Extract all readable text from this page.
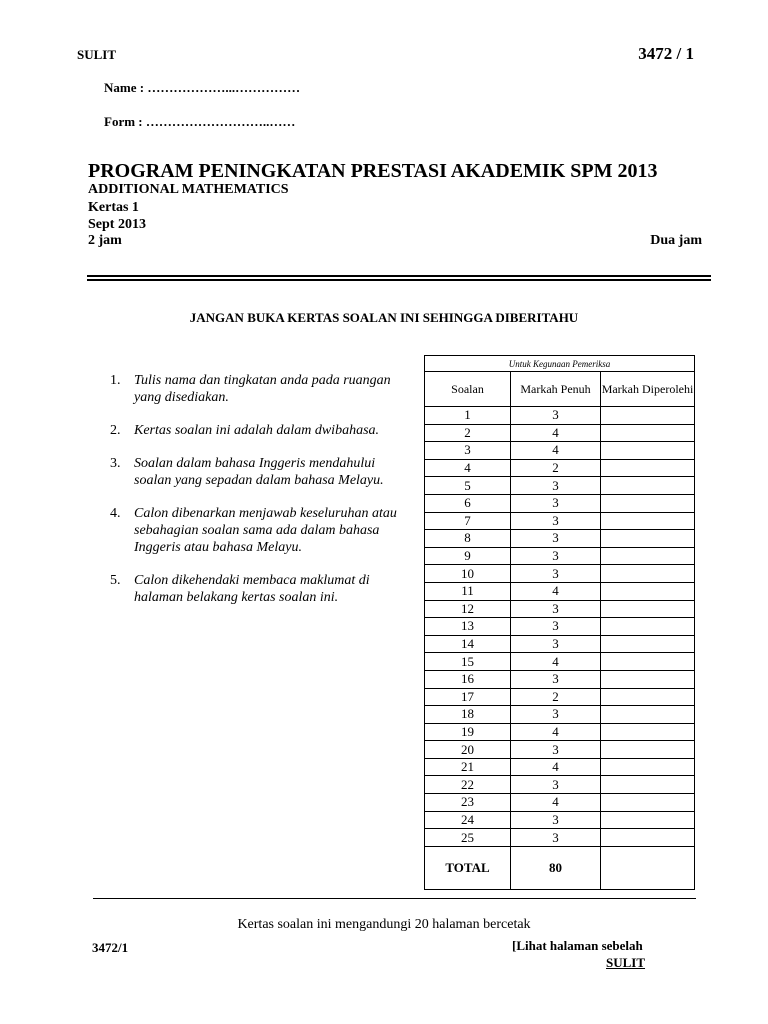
SULIT	3472 / 1
Name : ………………...……………
Form : ………………………..……
PROGRAM PENINGKATAN PRESTASI AKADEMIK SPM 2013
ADDITIONAL MATHEMATICS
Kertas 1
Sept 2013
2 jam	Dua jam
JANGAN BUKA KERTAS SOALAN INI SEHINGGA DIBERITAHU
1. Tulis nama dan tingkatan anda pada ruangan yang disediakan.
2. Kertas soalan ini adalah dalam dwibahasa.
3. Soalan dalam bahasa Inggeris mendahului soalan yang sepadan dalam bahasa Melayu.
4. Calon dibenarkan menjawab keseluruhan atau sebahagian soalan sama ada dalam bahasa Inggeris atau bahasa Melayu.
5. Calon dikehendaki membaca maklumat di halaman belakang kertas soalan ini.
Untuk Kegunaan Pemeriksa		
Soalan	Markah Penuh	Markah Diperolehi
1	3	
2	4	
3	4	
4	2	
5	3	
6	3	
7	3	
8	3	
9	3	
10	3	
11	4	
12	3	
13	3	
14	3	
15	4	
16	3	
17	2	
18	3	
19	4	
20	3	
21	4	
22	3	
23	4	
24	3	
25	3	
TOTAL	80	
Kertas soalan ini mengandungi 20 halaman bercetak
3472/1	[Lihat halaman sebelah
SULIT
